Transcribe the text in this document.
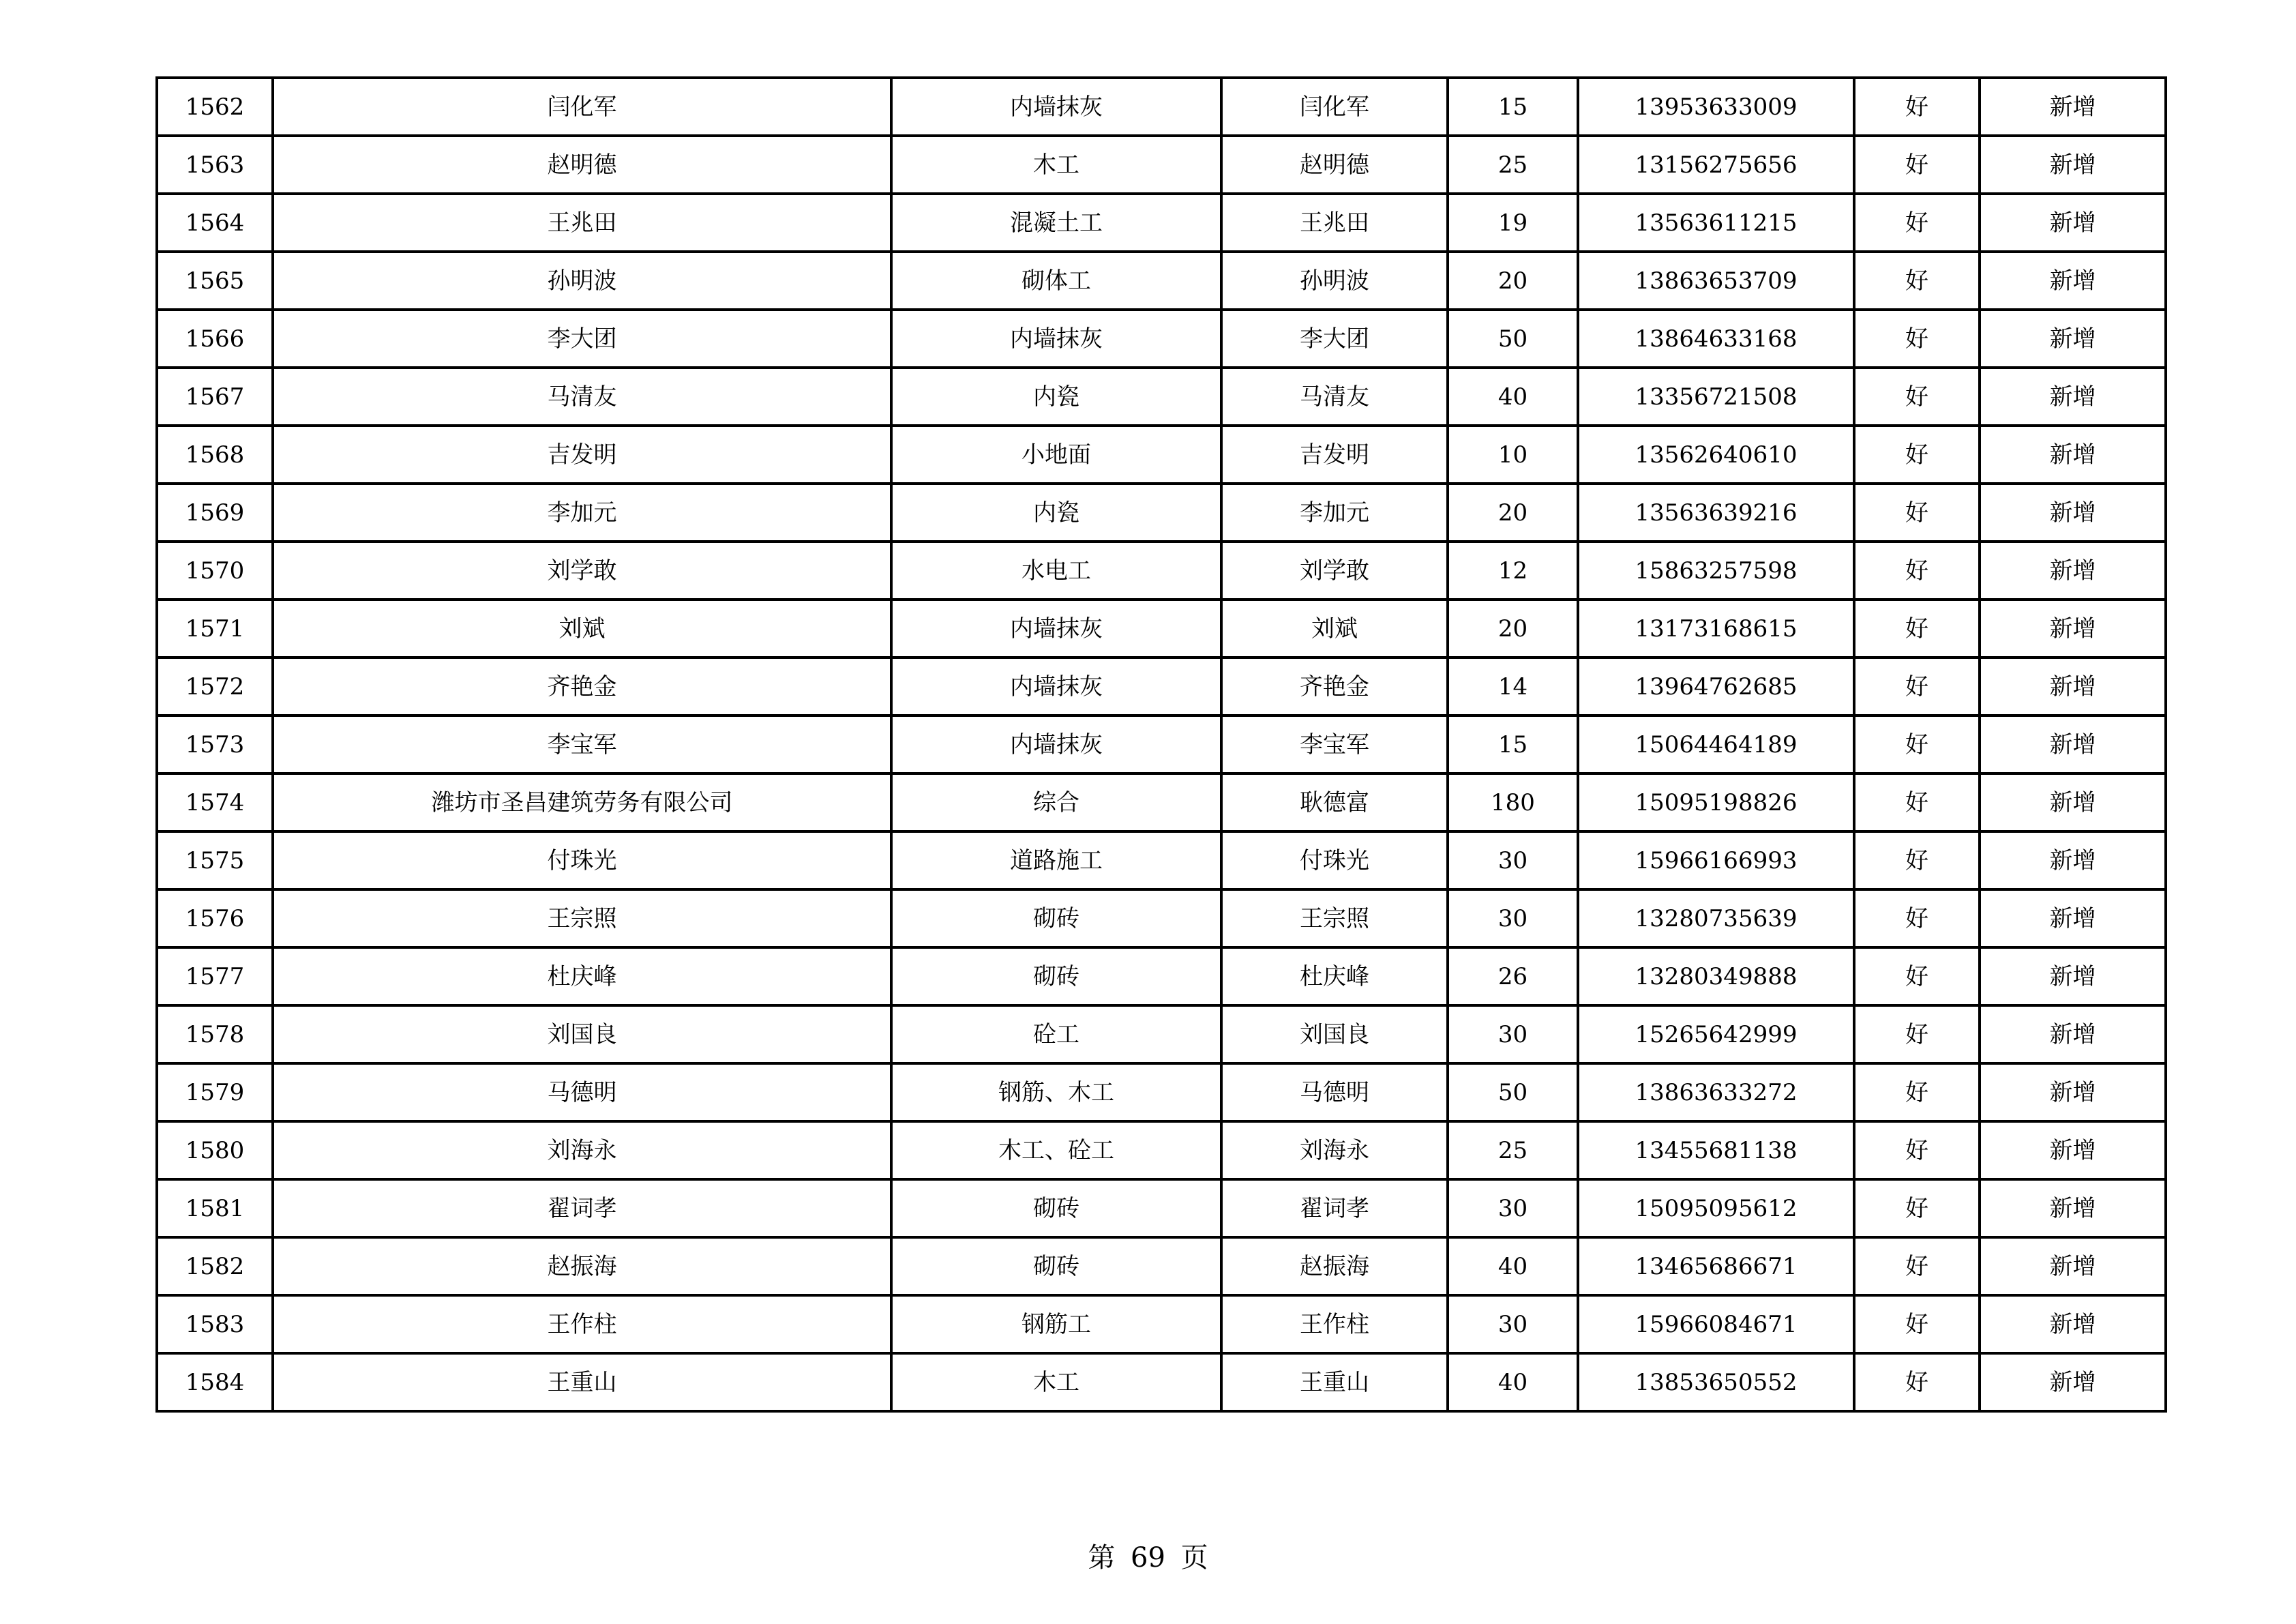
1562	闫化军	内墙抹灰	闫化军	15	13953633009	好	新增
1563	赵明德	木工	赵明德	25	13156275656	好	新增
1564	王兆田	混凝土工	王兆田	19	13563611215	好	新增
1565	孙明波	砌体工	孙明波	20	13863653709	好	新增
1566	李大团	内墙抹灰	李大团	50	13864633168	好	新增
1567	马清友	内瓷	马清友	40	13356721508	好	新增
1568	吉发明	小地面	吉发明	10	13562640610	好	新增
1569	李加元	内瓷	李加元	20	13563639216	好	新增
1570	刘学敢	水电工	刘学敢	12	15863257598	好	新增
1571	刘斌	内墙抹灰	刘斌	20	13173168615	好	新增
1572	齐艳金	内墙抹灰	齐艳金	14	13964762685	好	新增
1573	李宝军	内墙抹灰	李宝军	15	15064464189	好	新增
1574	潍坊市圣昌建筑劳务有限公司	综合	耿德富	180	15095198826	好	新增
1575	付珠光	道路施工	付珠光	30	15966166993	好	新增
1576	王宗照	砌砖	王宗照	30	13280735639	好	新增
1577	杜庆峰	砌砖	杜庆峰	26	13280349888	好	新增
1578	刘国良	砼工	刘国良	30	15265642999	好	新增
1579	马德明	钢筋、木工	马德明	50	13863633272	好	新增
1580	刘海永	木工、砼工	刘海永	25	13455681138	好	新增
1581	翟词孝	砌砖	翟词孝	30	15095095612	好	新增
1582	赵振海	砌砖	赵振海	40	13465686671	好	新增
1583	王作柱	钢筋工	王作柱	30	15966084671	好	新增
1584	王重山	木工	王重山	40	13853650552	好	新增
第 69 页
